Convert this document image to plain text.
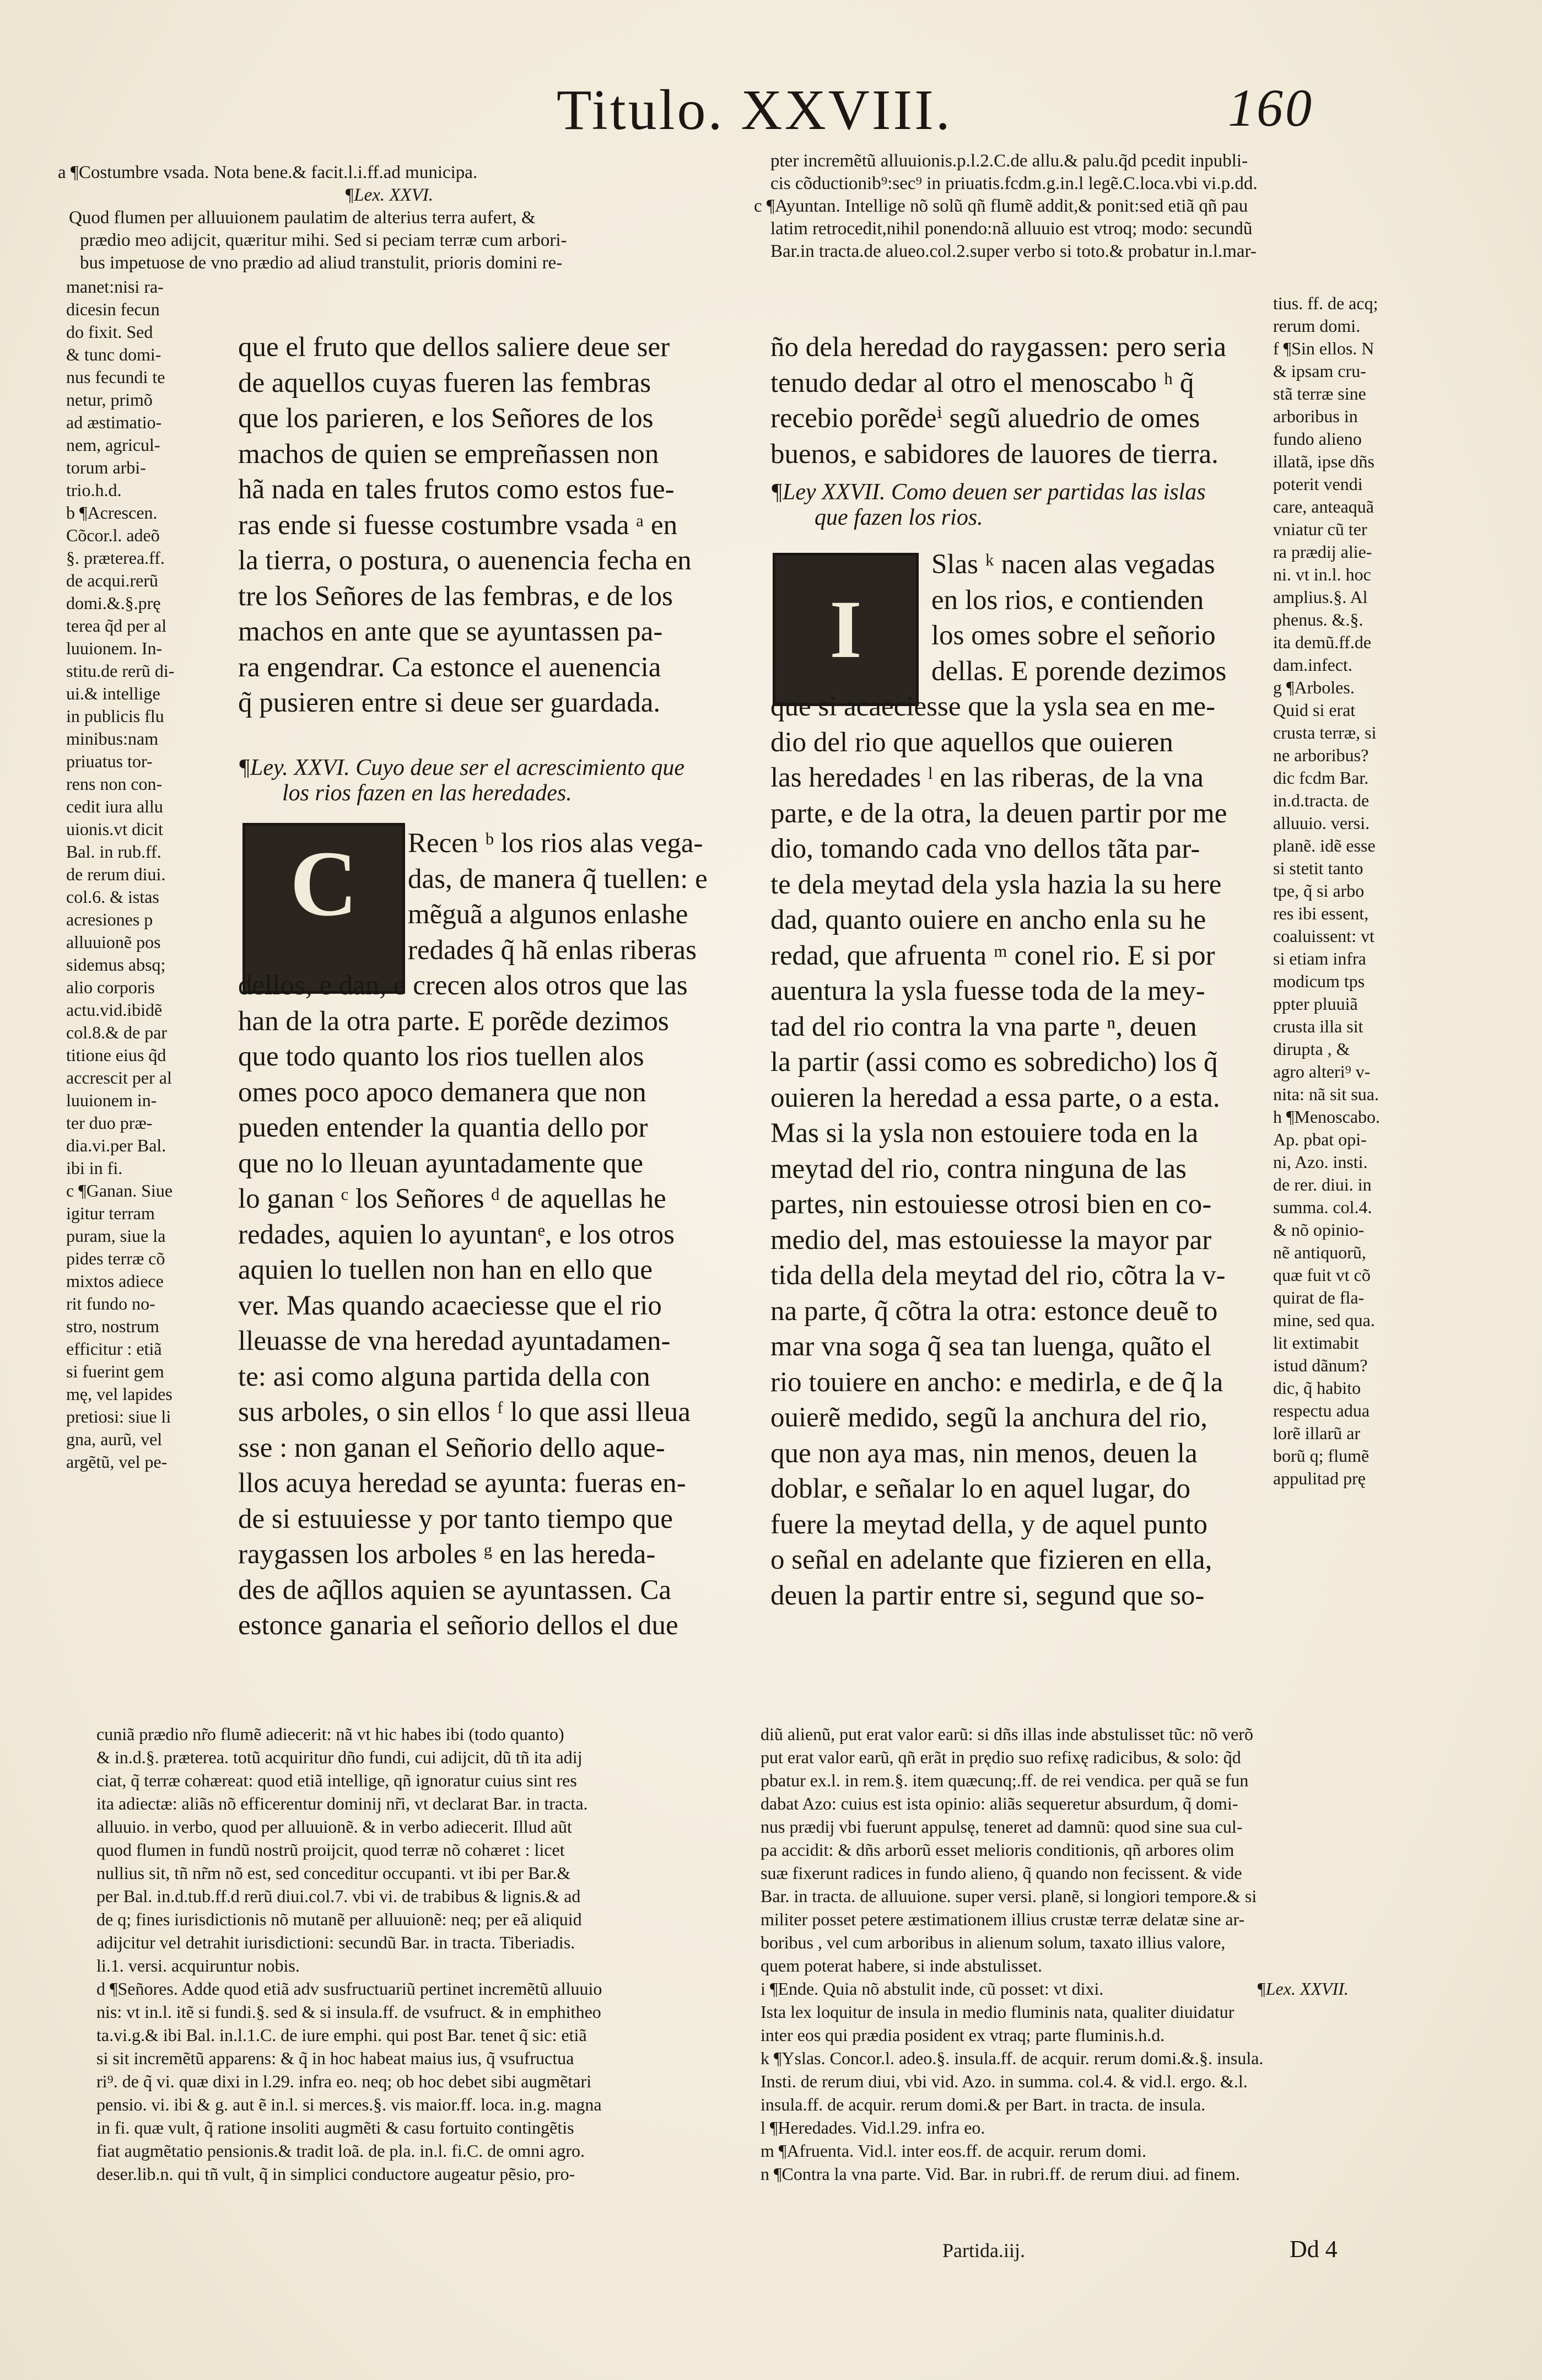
Titulo. XXVIII.	160
a ¶Costumbre vsada. Nota bene.& facit.l.i.ff.ad municipa.
¶Lex. XXVI.
Quod flumen per alluuionem paulatim de alterius terra aufert, &
prædio meo adijcit, quæritur mihi. Sed si peciam terræ cum arbori-
bus impetuose de vno prædio ad aliud transtulit, prioris domini re-
pter incremẽtũ alluuionis.p.l.2.C.de allu.& palu.q̃d pcedit inpubli-
cis cõductionib⁹:sec⁹ in priuatis.fcdm.g.in.l legẽ.C.loca.vbi vi.p.dd.
c ¶Ayuntan. Intellige nõ solũ qñ flumẽ addit,& ponit:sed etiã qñ pau
latim retrocedit,nihil ponendo:nã alluuio est vtroq; modo: secundũ
Bar.in tracta.de alueo.col.2.super verbo si toto.& probatur in.l.mar-
manet:nisi ra-
dicesin fecun
do fixit. Sed
& tunc domi-
nus fecundi te
netur, primõ
ad æstimatio-
nem, agricul-
torum arbi-
trio.h.d.
b ¶Acrescen.
Cõcor.l. adeõ
§. præterea.ff.
de acqui.rerũ
domi.&.§.prę
terea q̃d per al
luuionem. In-
stitu.de rerũ di-
ui.& intellige
in publicis flu
minibus:nam
priuatus tor-
rens non con-
cedit iura allu
uionis.vt dicit
Bal. in rub.ff.
de rerum diui.
col.6. & istas
acresiones p
alluuionẽ pos
sidemus absq;
alio corporis
actu.vid.ibidẽ
col.8.& de par
titione eius q̃d
accrescit per al
luuionem in-
ter duo præ-
dia.vi.per Bal.
ibi in fi.
c ¶Ganan. Siue
igitur terram
puram, siue la
pides terræ cõ
mixtos adiece
rit fundo no-
stro, nostrum
efficitur : etiã
si fuerint gem
mę, vel lapides
pretiosi: siue li
gna, aurũ, vel
argẽtũ, vel pe-
que el fruto que dellos saliere deue ser
de aquellos cuyas fueren las fembras
que los parieren, e los Señores de los
machos de quien se empreñassen non
hã nada en tales frutos como estos fue-
ras ende si fuesse costumbre vsada ᵃ en
la tierra, o postura, o auenencia fecha en
tre los Señores de las fembras, e de los
machos en ante que se ayuntassen pa-
ra engendrar. Ca estonce el auenencia
q̃ pusieren entre si deue ser guardada.
¶Ley. XXVI. Cuyo deue ser el acrescimiento que
los rios fazen en las heredades.
C	Recen ᵇ los rios alas vega-
das, de manera q̃ tuellen: e
mẽguã a algunos enlashe
redades q̃ hã enlas riberas
dellos, e dan, e crecen alos otros que las
han de la otra parte. E porẽde dezimos
que todo quanto los rios tuellen alos
omes poco apoco demanera que non
pueden entender la quantia dello por
que no lo lleuan ayuntadamente que
lo ganan ᶜ los Señores ᵈ de aquellas he
redades, aquien lo ayuntanᵉ, e los otros
aquien lo tuellen non han en ello que
ver. Mas quando acaeciesse que el rio
lleuasse de vna heredad ayuntadamen-
te: asi como alguna partida della con
sus arboles, o sin ellos ᶠ lo que assi lleua
sse : non ganan el Señorio dello aque-
llos acuya heredad se ayunta: fueras en-
de si estuuiesse y por tanto tiempo que
raygassen los arboles ᵍ en las hereda-
des de aq̃llos aquien se ayuntassen. Ca
estonce ganaria el señorio dellos el due
ño dela heredad do raygassen: pero seria
tenudo dedar al otro el menoscabo ʰ q̃
recebio porẽdeⁱ segũ aluedrio de omes
buenos, e sabidores de lauores de tierra.
¶Ley XXVII. Como deuen ser partidas las islas
que fazen los rios.
I
Slas ᵏ nacen alas vegadas
en los rios, e contienden
los omes sobre el señorio
dellas. E porende dezimos
que si acaeciesse que la ysla sea en me-
dio del rio que aquellos que ouieren
las heredades ˡ en las riberas, de la vna
parte, e de la otra, la deuen partir por me
dio, tomando cada vno dellos tãta par-
te dela meytad dela ysla hazia la su here
dad, quanto ouiere en ancho enla su he
redad, que afruenta ᵐ conel rio. E si por
auentura la ysla fuesse toda de la mey-
tad del rio contra la vna parte ⁿ, deuen
la partir (assi como es sobredicho) los q̃
ouieren la heredad a essa parte, o a esta.
Mas si la ysla non estouiere toda en la
meytad del rio, contra ninguna de las
partes, nin estouiesse otrosi bien en co-
medio del, mas estouiesse la mayor par
tida della dela meytad del rio, cõtra la v-
na parte, q̃ cõtra la otra: estonce deuẽ to
mar vna soga q̃ sea tan luenga, quãto el
rio touiere en ancho: e medirla, e de q̃ la
ouierẽ medido, segũ la anchura del rio,
que non aya mas, nin menos, deuen la
doblar, e señalar lo en aquel lugar, do
fuere la meytad della, y de aquel punto
o señal en adelante que fizieren en ella,
deuen la partir entre si, segund que so-
tius. ff. de acq;
rerum domi.
f ¶Sin ellos. N
& ipsam cru-
stã terræ sine
arboribus in
fundo alieno
illatã, ipse dñs
poterit vendi
care, anteaquã
vniatur cũ ter
ra prædij alie-
ni. vt in.l. hoc
amplius.§. Al
phenus. &.§.
ita demũ.ff.de
dam.infect.
g ¶Arboles.
Quid si erat
crusta terræ, si
ne arboribus?
dic fcdm Bar.
in.d.tracta. de
alluuio. versi.
planẽ. idẽ esse
si stetit tanto
tpe, q̃ si arbo
res ibi essent,
coaluissent: vt
si etiam infra
modicum tps
ppter pluuiã
crusta illa sit
dirupta , &
agro alteri⁹ v-
nita: nã sit sua.
h ¶Menoscabo.
Ap. pbat opi-
ni, Azo. insti.
de rer. diui. in
summa. col.4.
& nõ opinio-
nẽ antiquorũ,
quæ fuit vt cõ
quirat de fla-
mine, sed qua.
lit extimabit
istud dãnum?
dic, q̃ habito
respectu adua
lorẽ illarũ ar
borũ q; flumẽ
appulitad prę
cuniã prædio nr̃o flumẽ adiecerit: nã vt hic habes ibi (todo quanto)
& in.d.§. præterea. totũ acquiritur dño fundi, cui adijcit, dũ tñ ita adij
ciat, q̃ terræ cohæreat: quod etiã intellige, qñ ignoratur cuius sint res
ita adiectæ: aliãs nõ efficerentur dominij nr̃i, vt declarat Bar. in tracta.
alluuio. in verbo, quod per alluuionẽ. & in verbo adiecerit. Illud aũt
quod flumen in fundũ nostrũ proijcit, quod terræ nõ cohæret : licet
nullius sit, tñ nr̃m nõ est, sed conceditur occupanti. vt ibi per Bar.&
per Bal. in.d.tub.ff.d rerũ diui.col.7. vbi vi. de trabibus & lignis.& ad
de q; fines iurisdictionis nõ mutanẽ per alluuionẽ: neq; per eã aliquid
adijcitur vel detrahit iurisdictioni: secundũ Bar. in tracta. Tiberiadis.
li.1. versi. acquiruntur nobis.
d ¶Señores. Adde quod etiã adv susfructuariũ pertinet incremẽtũ alluuio
nis: vt in.l. itẽ si fundi.§. sed & si insula.ff. de vsufruct. & in emphitheo
ta.vi.g.& ibi Bal. in.l.1.C. de iure emphi. qui post Bar. tenet q̃ sic: etiã
si sit incremẽtũ apparens: & q̃ in hoc habeat maius ius, q̃ vsufructua
ri⁹. de q̃ vi. quæ dixi in l.29. infra eo. neq; ob hoc debet sibi augmẽtari
pensio. vi. ibi & g. aut ẽ in.l. si merces.§. vis maior.ff. loca. in.g. magna
in fi. quæ vult, q̃ ratione insoliti augmẽti & casu fortuito contingẽtis
fiat augmẽtatio pensionis.& tradit loã. de pla. in.l. fi.C. de omni agro.
deser.lib.n. qui tñ vult, q̃ in simplici conductore augeatur pẽsio, pro-
diũ alienũ, put erat valor earũ: si dñs illas inde abstulisset tũc: nõ verõ
put erat valor earũ, qñ erãt in prędio suo refixę radicibus, & solo: q̃d
pbatur ex.l. in rem.§. item quæcunq;.ff. de rei vendica. per quã se fun
dabat Azo: cuius est ista opinio: aliãs sequeretur absurdum, q̃ domi-
nus prædij vbi fuerunt appulsę, teneret ad damnũ: quod sine sua cul-
pa accidit: & dñs arborũ esset melioris conditionis, qñ arbores olim
suæ fixerunt radices in fundo alieno, q̃ quando non fecissent. & vide
Bar. in tracta. de alluuione. super versi. planẽ, si longiori tempore.& si
militer posset petere æstimationem illius crustæ terræ delatæ sine ar-
boribus , vel cum arboribus in alienum solum, taxato illius valore,
quem poterat habere, si inde abstulisset.
i ¶Ende. Quia nõ abstulit inde, cũ posset: vt dixi.
Ista lex loquitur de insula in medio fluminis nata, qualiter diuidatur
inter eos qui prædia posident ex vtraq; parte fluminis.h.d.
k ¶Yslas. Concor.l. adeo.§. insula.ff. de acquir. rerum domi.&.§. insula.
Insti. de rerum diui, vbi vid. Azo. in summa. col.4. & vid.l. ergo. &.l.
insula.ff. de acquir. rerum domi.& per Bart. in tracta. de insula.
l ¶Heredades. Vid.l.29. infra eo.
m ¶Afruenta. Vid.l. inter eos.ff. de acquir. rerum domi.
n ¶Contra la vna parte. Vid. Bar. in rubri.ff. de rerum diui. ad finem.
¶Lex. XXVII.
Partida.iij.	Dd 4
